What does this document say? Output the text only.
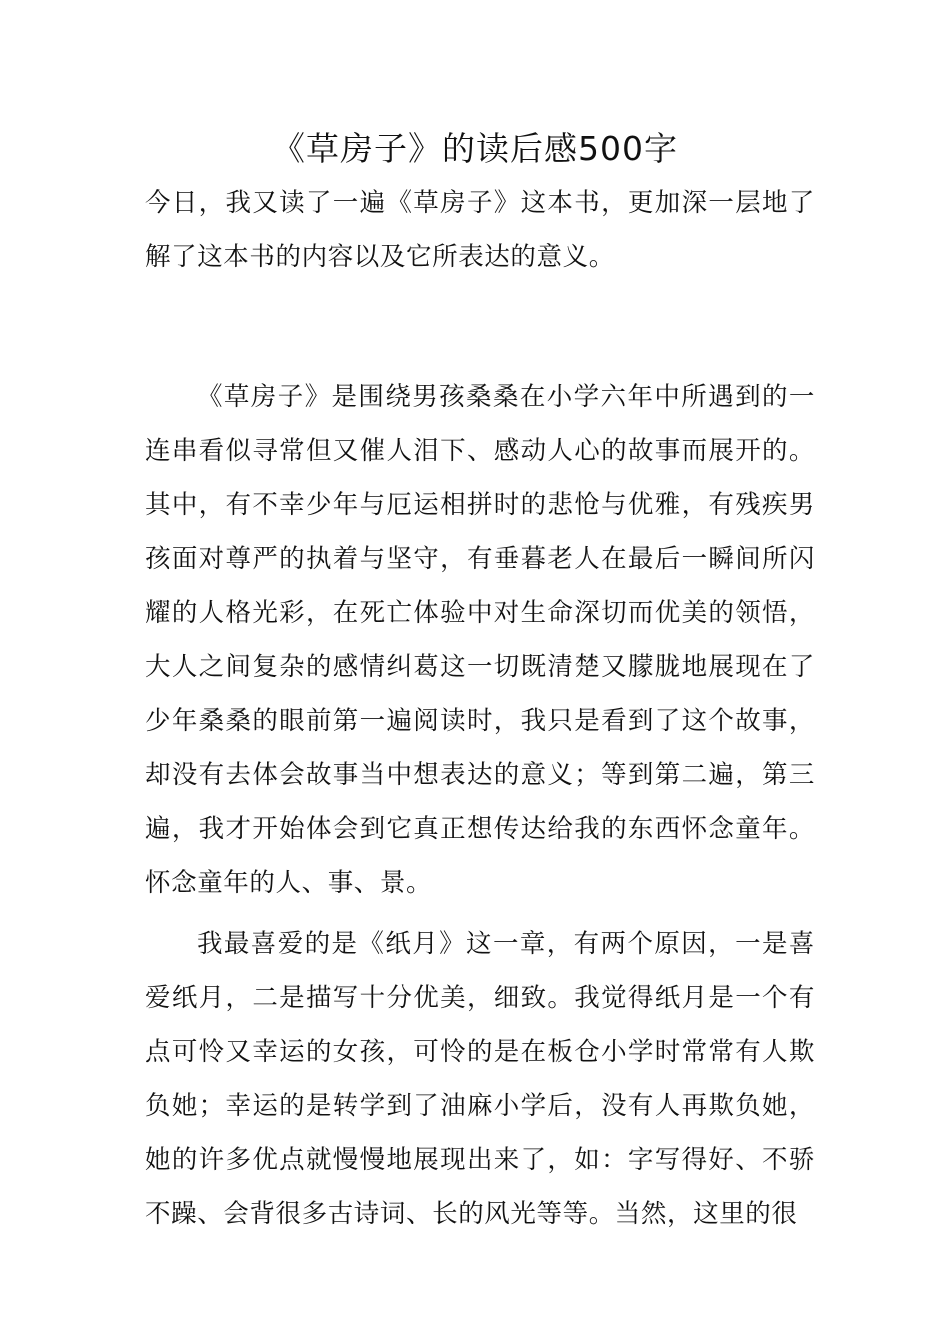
《草房子》的读后感500字

今日，我又读了一遍《草房子》这本书，更加深一层地了解了这本书的内容以及它所表达的意义。

《草房子》是围绕男孩桑桑在小学六年中所遇到的一连串看似寻常但又催人泪下、感动人心的故事而展开的。其中，有不幸少年与厄运相拼时的悲怆与优雅，有残疾男孩面对尊严的执着与坚守，有垂暮老人在最后一瞬间所闪耀的人格光彩，在死亡体验中对生命深切而优美的领悟，大人之间复杂的感情纠葛这一切既清楚又朦胧地展现在了少年桑桑的眼前第一遍阅读时，我只是看到了这个故事，却没有去体会故事当中想表达的意义；等到第二遍，第三遍，我才开始体会到它真正想传达给我的东西怀念童年。怀念童年的人、事、景。

我最喜爱的是《纸月》这一章，有两个原因，一是喜爱纸月，二是描写十分优美，细致。我觉得纸月是一个有点可怜又幸运的女孩，可怜的是在板仓小学时常常有人欺负她；幸运的是转学到了油麻小学后，没有人再欺负她，她的许多优点就慢慢地展现出来了，如：字写得好、不骄不躁、会背很多古诗词、长的风光等等。当然，这里的很
